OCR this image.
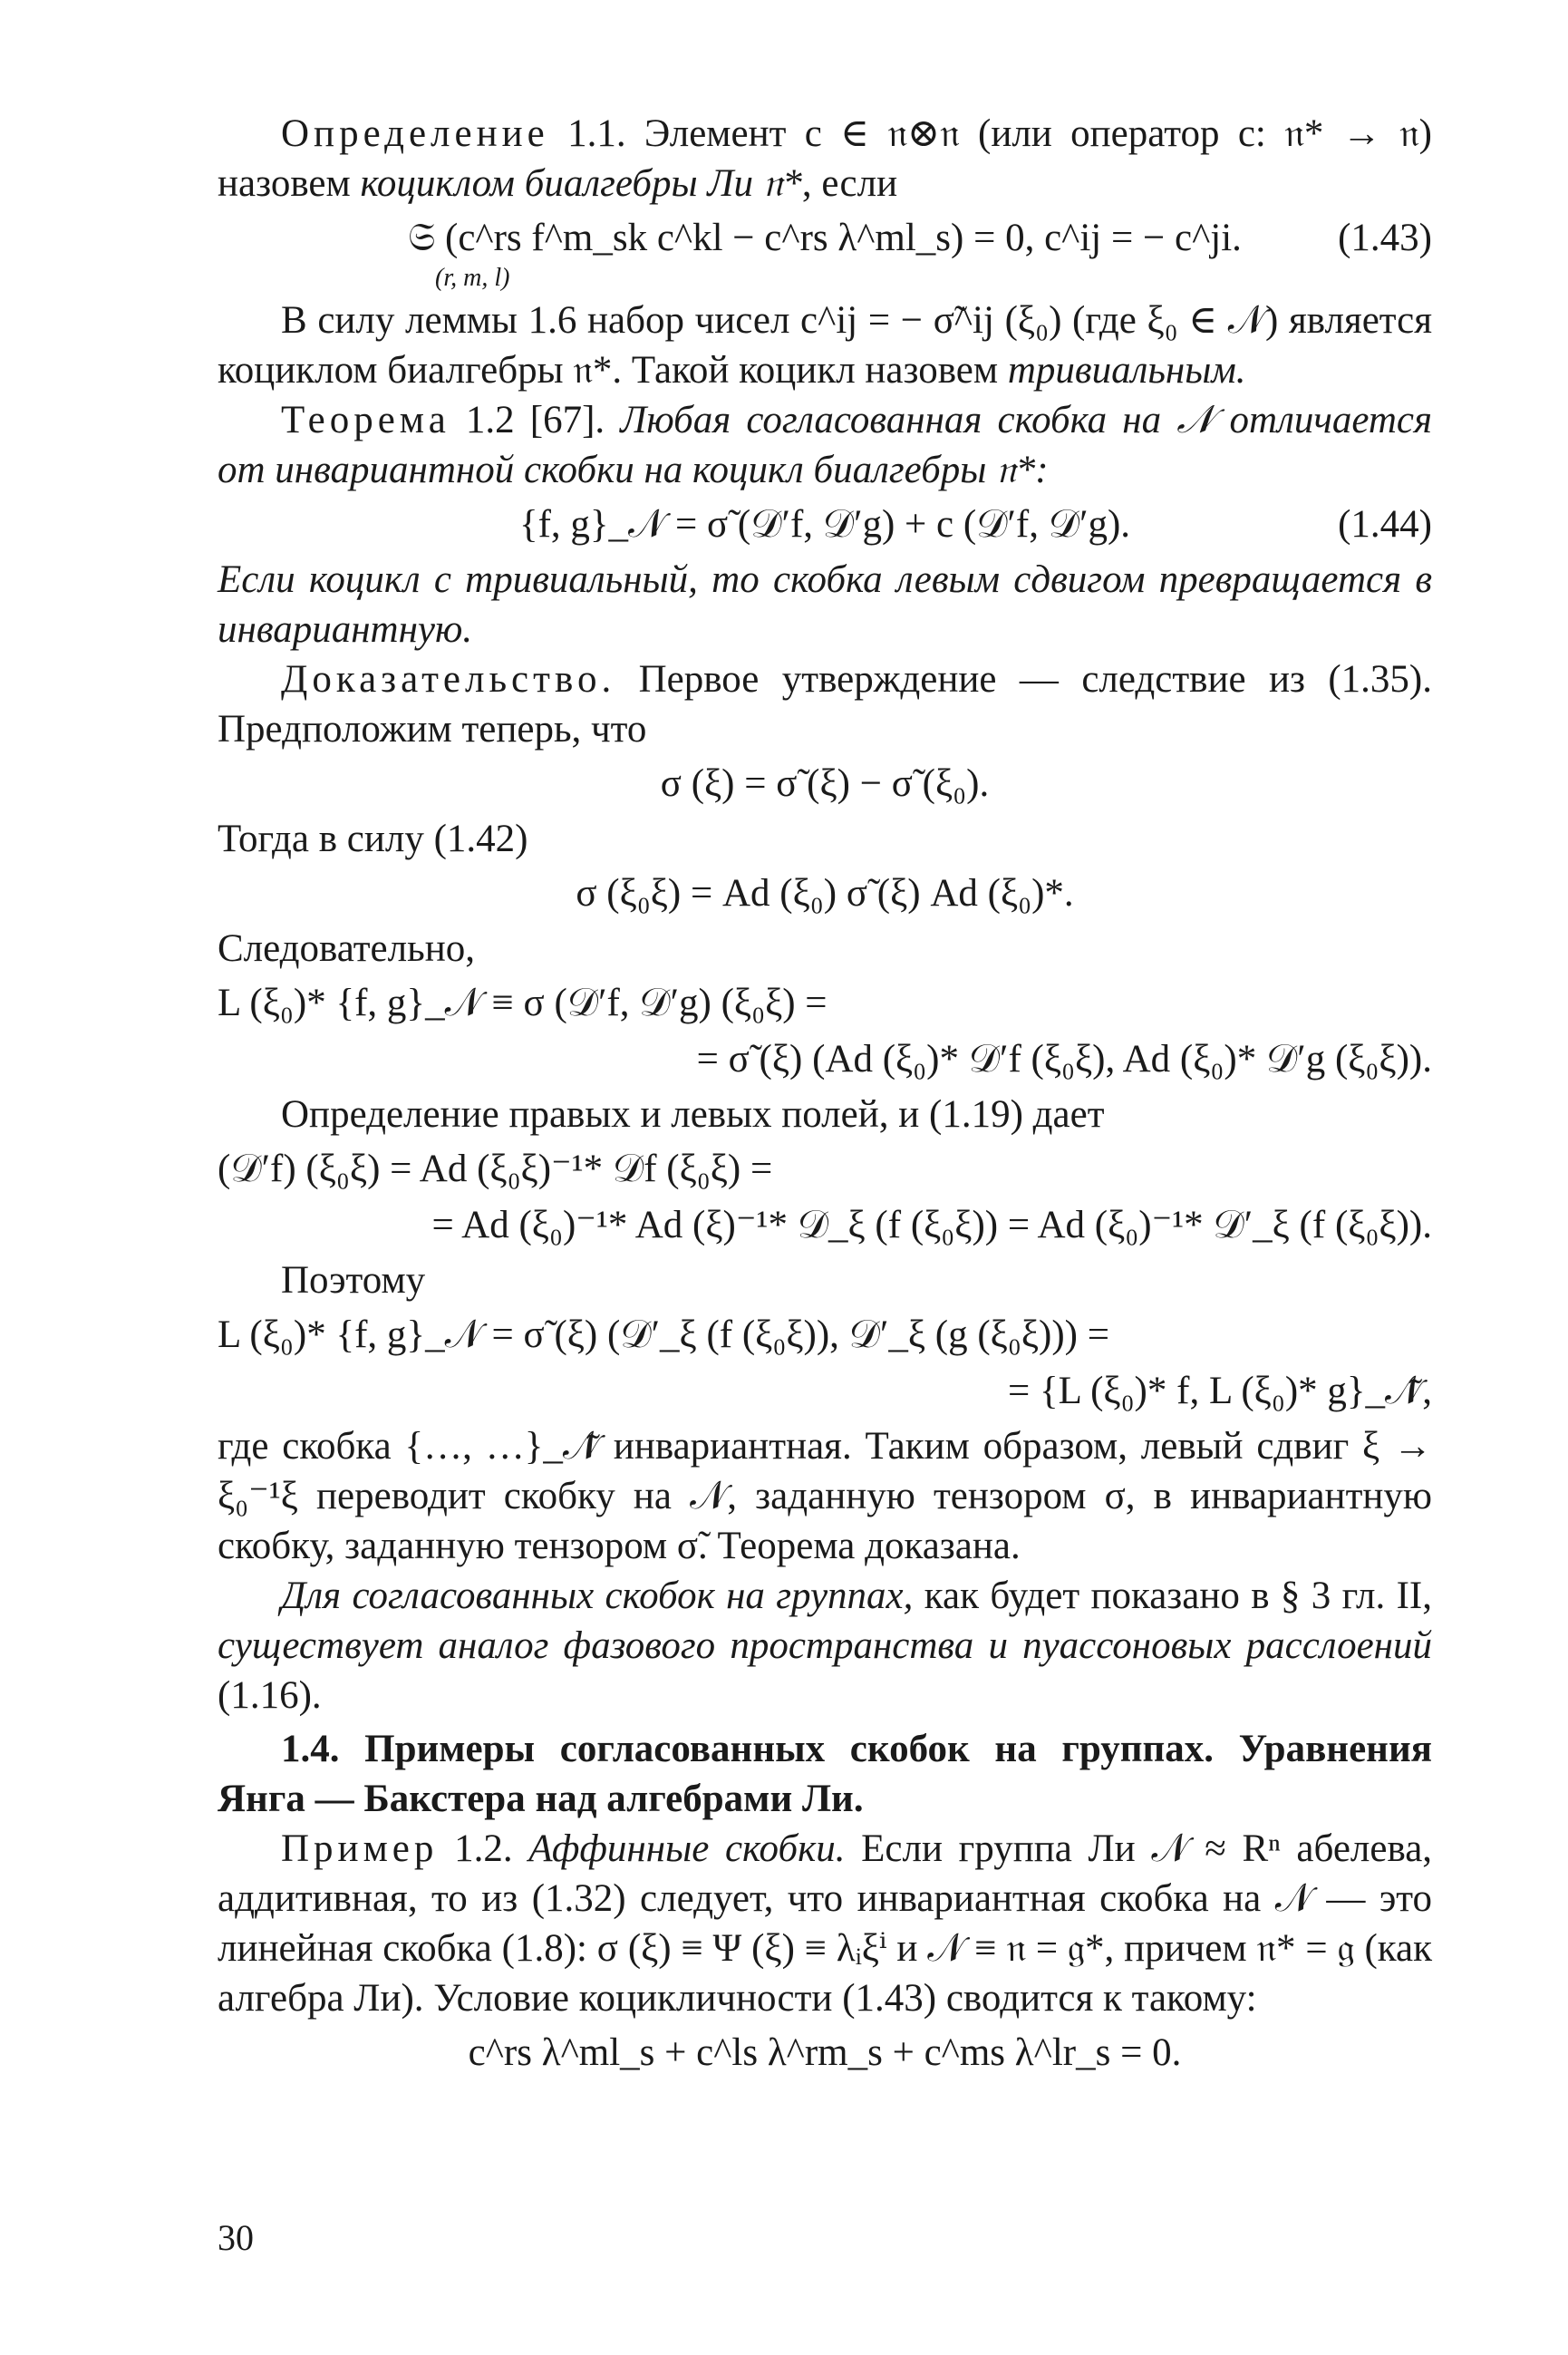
Определение 1.1. Элемент c ∈ 𝔫⊗𝔫 (или оператор c: 𝔫* → 𝔫) назовем коциклом биалгебры Ли 𝔫*, если

𝔖 (c^rs f^m_sk c^kl − c^rs λ^ml_s) = 0, c^ij = − c^ji.	(1.43)
(r, m, l)

В силу леммы 1.6 набор чисел c^ij = − σ̃^ij (ξ₀) (где ξ₀ ∈ 𝒩) является коциклом биалгебры 𝔫*. Такой коцикл назовем тривиальным.

Теорема 1.2 [67]. Любая согласованная скобка на 𝒩 отличается от инвариантной скобки на коцикл биалгебры 𝔫*:

{f, g}_𝒩 = σ̃ (𝒟′f, 𝒟′g) + c (𝒟′f, 𝒟′g).	(1.44)

Если коцикл c тривиальный, то скобка левым сдвигом превращается в инвариантную.

Доказательство. Первое утверждение — следствие из (1.35). Предположим теперь, что

σ (ξ) = σ̃ (ξ) − σ̃ (ξ₀).

Тогда в силу (1.42)

σ (ξ₀ξ) = Ad (ξ₀) σ̃ (ξ) Ad (ξ₀)*.

Следовательно,

L (ξ₀)* {f, g}_𝒩 ≡ σ (𝒟′f, 𝒟′g) (ξ₀ξ) =
= σ̃ (ξ) (Ad (ξ₀)* 𝒟′f (ξ₀ξ), Ad (ξ₀)* 𝒟′g (ξ₀ξ)).

Определение правых и левых полей, и (1.19) дает

(𝒟′f) (ξ₀ξ) = Ad (ξ₀ξ)⁻¹* 𝒟f (ξ₀ξ) =
= Ad (ξ₀)⁻¹* Ad (ξ)⁻¹* 𝒟_ξ (f (ξ₀ξ)) = Ad (ξ₀)⁻¹* 𝒟′_ξ (f (ξ₀ξ)).

Поэтому

L (ξ₀)* {f, g}_𝒩 = σ̃ (ξ) (𝒟′_ξ (f (ξ₀ξ)), 𝒟′_ξ (g (ξ₀ξ))) =
= {L (ξ₀)* f, L (ξ₀)* g}_𝒩̃,

где скобка {…, …}_𝒩̃ инвариантная. Таким образом, левый сдвиг ξ → ξ₀⁻¹ξ переводит скобку на 𝒩, заданную тензором σ, в инвариантную скобку, заданную тензором σ̃. Теорема доказана.

Для согласованных скобок на группах, как будет показано в § 3 гл. II, существует аналог фазового пространства и пуассоновых расслоений (1.16).

1.4. Примеры согласованных скобок на группах. Уравнения Янга — Бакстера над алгебрами Ли.

Пример 1.2. Аффинные скобки. Если группа Ли 𝒩 ≈ Rⁿ абелева, аддитивная, то из (1.32) следует, что инвариантная скобка на 𝒩 — это линейная скобка (1.8): σ (ξ) ≡ Ψ (ξ) ≡ λᵢξⁱ и 𝒩 ≡ 𝔫 = 𝔤*, причем 𝔫* = 𝔤 (как алгебра Ли). Условие коцикличности (1.43) сводится к такому:

c^rs λ^ml_s + c^ls λ^rm_s + c^ms λ^lr_s = 0.
30
